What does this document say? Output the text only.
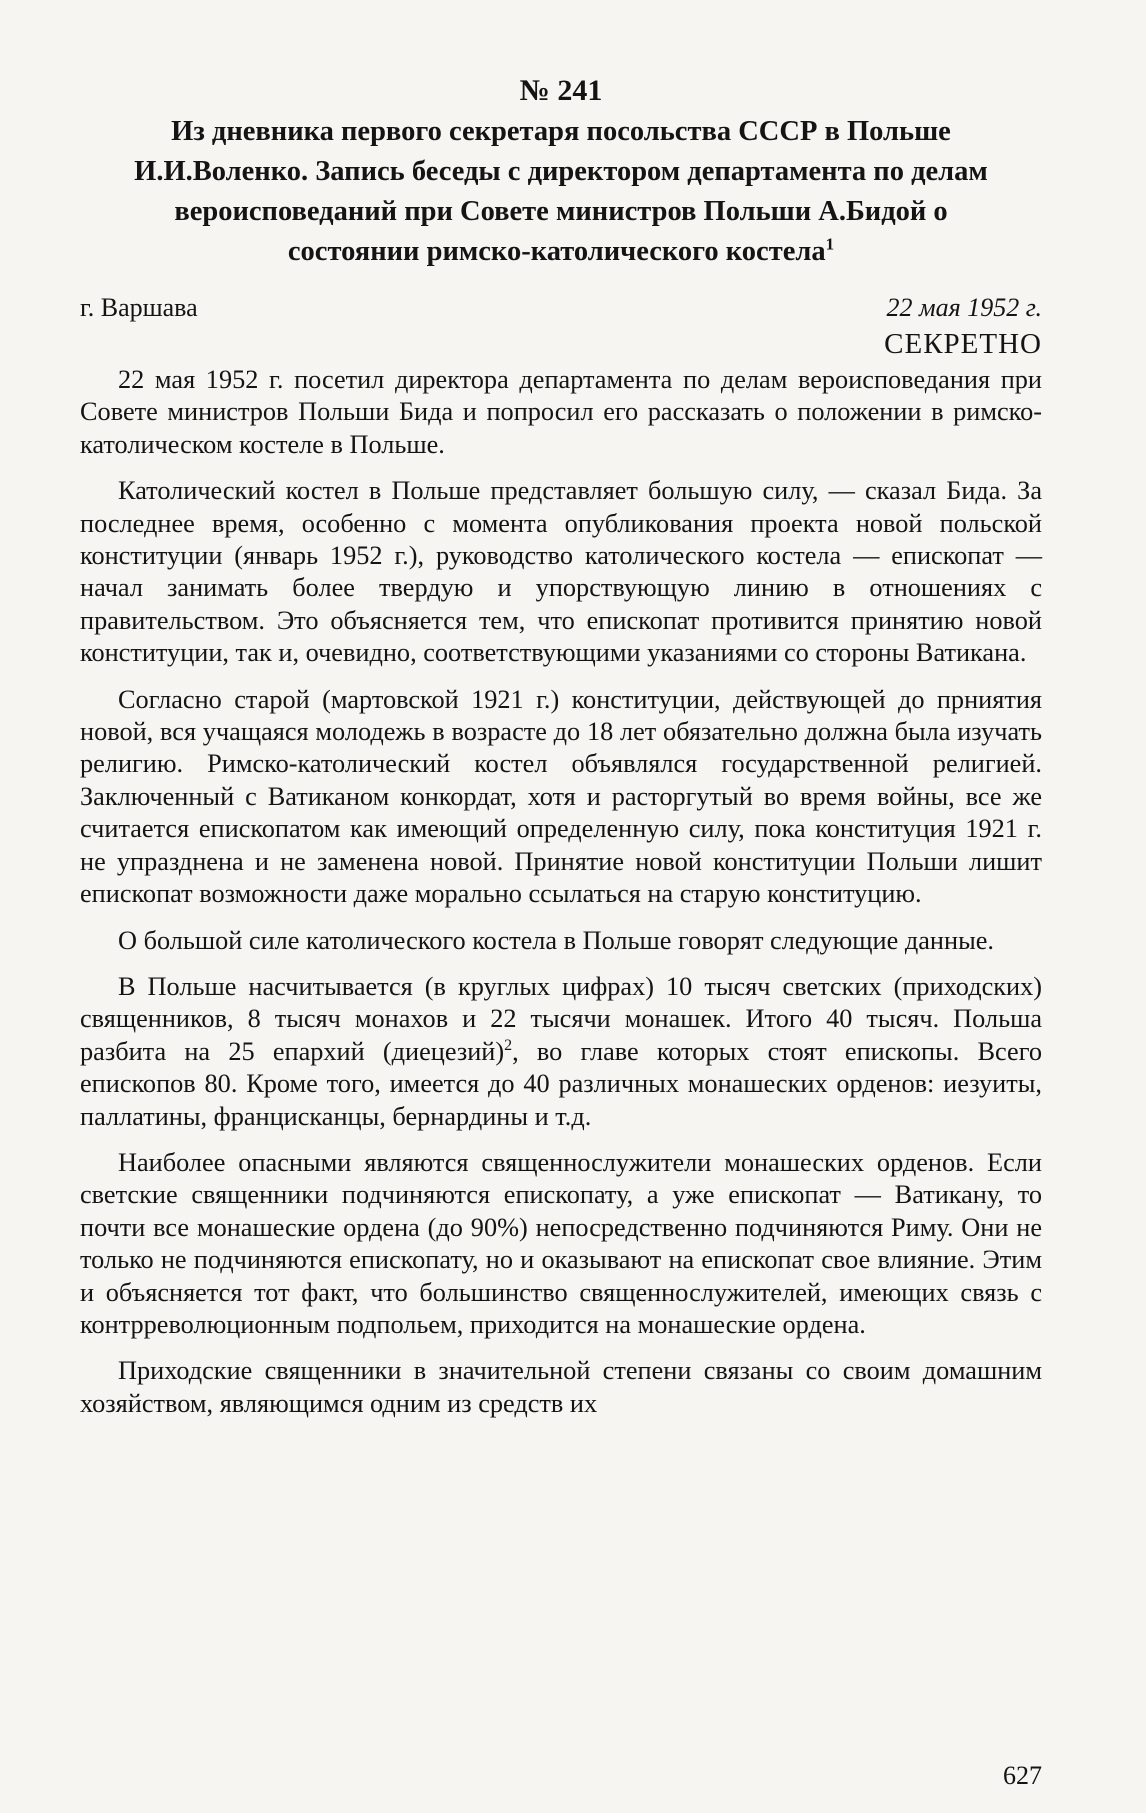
№ 241
Из дневника первого секретаря посольства СССР в Польше И.И.Воленко. Запись беседы с директором департамента по делам вероисповеданий при Совете министров Польши А.Бидой о состоянии римско-католического костела$^1$
г. Варшава	22 мая 1952 г.
СЕКРЕТНО

22 мая 1952 г. посетил директора департамента по делам вероисповедания при Совете министров Польши Бида и попросил его рассказать о положении в римско-католическом костеле в Польше.

Католический костел в Польше представляет большую силу, — сказал Бида. За последнее время, особенно с момента опубликования проекта новой польской конституции (январь 1952 г.), руководство католического костела — епископат — начал занимать более твердую и упорствующую линию в отношениях с правительством. Это объясняется тем, что епископат противится принятию новой конституции, так и, очевидно, соответствующими указаниями со стороны Ватикана.

Согласно старой (мартовской 1921 г.) конституции, действующей до прниятия новой, вся учащаяся молодежь в возрасте до 18 лет обязательно должна была изучать религию. Римско-католический костел объявлялся государственной религией. Заключенный с Ватиканом конкордат, хотя и расторгутый во время войны, все же считается епископатом как имеющий определенную силу, пока конституция 1921 г. не упразднена и не заменена новой. Принятие новой конституции Польши лишит епископат возможности даже морально ссылаться на старую конституцию.

О большой силе католического костела в Польше говорят следующие данные.

В Польше насчитывается (в круглых цифрах) 10 тысяч светских (приходских) священников, 8 тысяч монахов и 22 тысячи монашек. Итого 40 тысяч. Польша разбита на 25 епархий (диецезий)$^2$, во главе которых стоят епископы. Всего епископов 80. Кроме того, имеется до 40 различных монашеских орденов: иезуиты, паллатины, францисканцы, бернардины и т.д.

Наиболее опасными являются священнослужители монашеских орденов. Если светские священники подчиняются епископату, а уже епископат — Ватикану, то почти все монашеские ордена (до 90%) непосредственно подчиняются Риму. Они не только не подчиняются епископату, но и оказывают на епископат свое влияние. Этим и объясняется тот факт, что большинство священнослужителей, имеющих связь с контрреволюционным подпольем, приходится на монашеские ордена.

Приходские священники в значительной степени связаны со своим домашним хозяйством, являющимся одним из средств их

627
